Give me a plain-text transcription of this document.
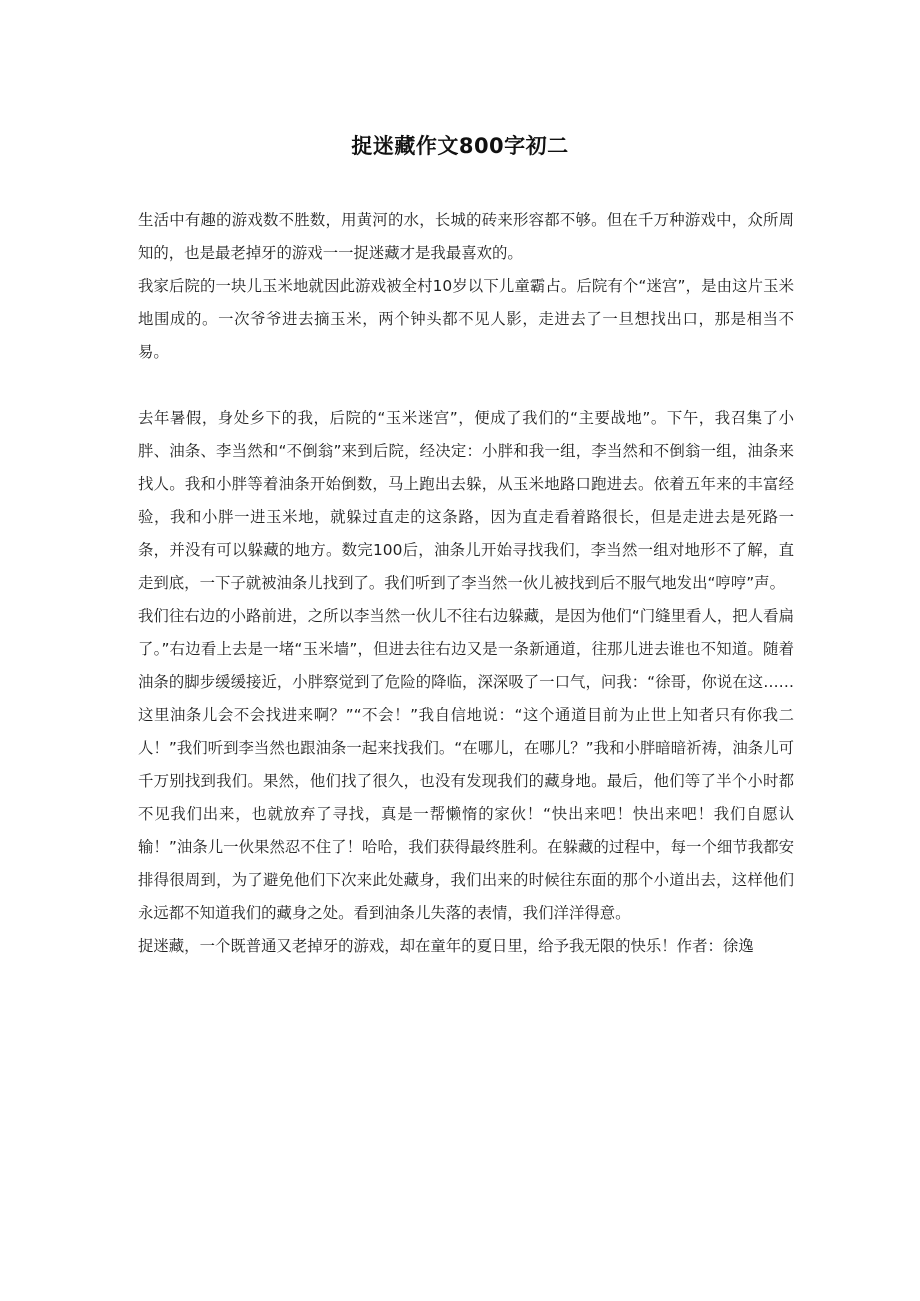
捉迷藏作文800字初二

生活中有趣的游戏数不胜数，用黄河的水，长城的砖来形容都不够。但在千万种游戏中，众所周知的，也是最老掉牙的游戏一一捉迷藏才是我最喜欢的。

我家后院的一块儿玉米地就因此游戏被全村10岁以下儿童霸占。后院有个“迷宫”，是由这片玉米地围成的。一次爷爷进去摘玉米，两个钟头都不见人影，走进去了一旦想找出口，那是相当不易。

去年暑假，身处乡下的我，后院的“玉米迷宫”，便成了我们的“主要战地”。下午，我召集了小胖、油条、李当然和“不倒翁”来到后院，经决定：小胖和我一组，李当然和不倒翁一组，油条来找人。我和小胖等着油条开始倒数，马上跑出去躲，从玉米地路口跑进去。依着五年来的丰富经验，我和小胖一进玉米地，就躲过直走的这条路，因为直走看着路很长，但是走进去是死路一条，并没有可以躲藏的地方。数完100后，油条儿开始寻找我们，李当然一组对地形不了解，直走到底，一下子就被油条儿找到了。我们听到了李当然一伙儿被找到后不服气地发出“哼哼”声。

我们往右边的小路前进，之所以李当然一伙儿不往右边躲藏，是因为他们“门缝里看人，把人看扁了。”右边看上去是一堵“玉米墙”，但进去往右边又是一条新通道，往那儿进去谁也不知道。随着油条的脚步缓缓接近，小胖察觉到了危险的降临，深深吸了一口气，问我：“徐哥，你说在这……这里油条儿会不会找进来啊？”“不会！”我自信地说：“这个通道目前为止世上知者只有你我二人！”我们听到李当然也跟油条一起来找我们。“在哪儿，在哪儿？”我和小胖暗暗祈祷，油条儿可千万别找到我们。果然，他们找了很久，也没有发现我们的藏身地。最后，他们等了半个小时都不见我们出来，也就放弃了寻找，真是一帮懒惰的家伙！“快出来吧！快出来吧！我们自愿认输！”油条儿一伙果然忍不住了！哈哈，我们获得最终胜利。在躲藏的过程中，每一个细节我都安排得很周到，为了避免他们下次来此处藏身，我们出来的时候往东面的那个小道出去，这样他们永远都不知道我们的藏身之处。看到油条儿失落的表情，我们洋洋得意。

捉迷藏，一个既普通又老掉牙的游戏，却在童年的夏日里，给予我无限的快乐！作者：徐逸
